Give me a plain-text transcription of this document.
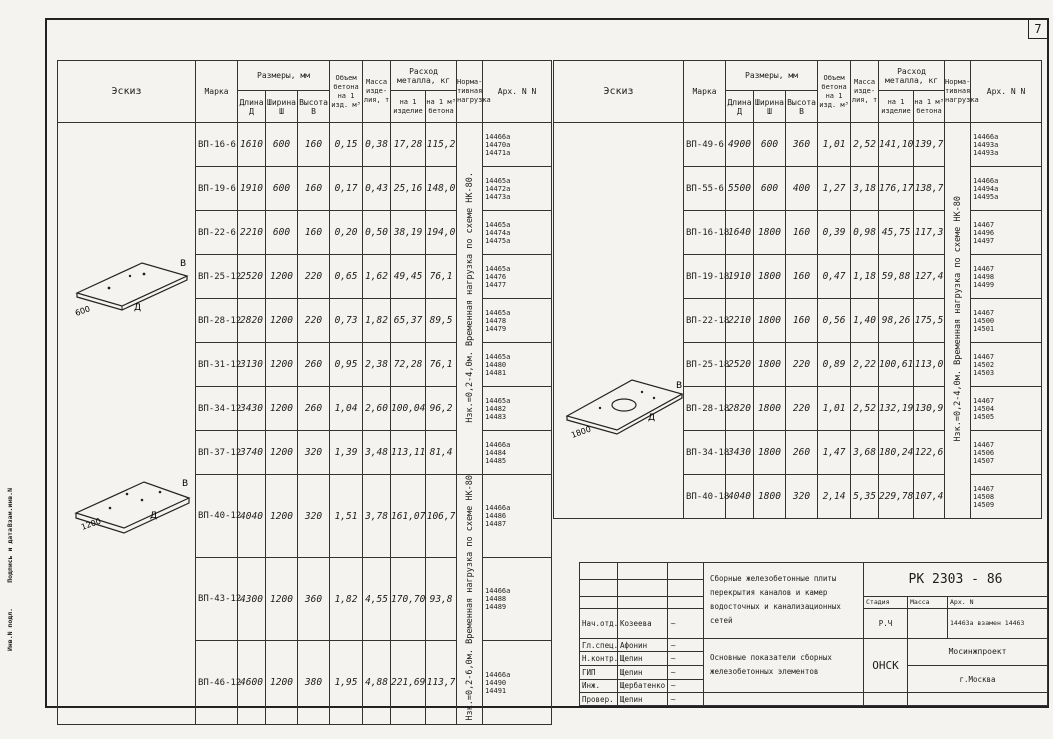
7
Эскиз	Марка	Размеры, мм			Объем бетона на 1 изд. м³	Масса изде-лия, т	Расход металла, кг		Норма-тивная нагрузка	Арх. N N
		Длина Д	Ширина Ш	Высота В			на 1 изделие	на 1 м³ бетона		
	ВП-16-6	1610	600	160	0,15	0,38	17,28	115,2	Нзк.=0,2-4,0м. Временная нагрузка по схеме НК-80.	14466а
14470а
14471а
	ВП-19-6	1910	600	160	0,17	0,43	25,16	148,0		14465а
14472а
14473а
	ВП-22-6	2210	600	160	0,20	0,50	38,19	194,0		14465а
14474а
14475а
	ВП-25-12	2520	1200	220	0,65	1,62	49,45	76,1		14465а
14476
14477
	ВП-28-12	2820	1200	220	0,73	1,82	65,37	89,5		14465а
14478
14479
	ВП-31-12	3130	1200	260	0,95	2,38	72,28	76,1		14465а
14480
14481
	ВП-34-12	3430	1200	260	1,04	2,60	100,04	96,2		14465а
14482
14483
	ВП-37-12	3740	1200	320	1,39	3,48	113,11	81,4		14466а
14484
14485
	ВП-40-12	4040	1200	320	1,51	3,78	161,07	106,7	Нзк.=0,2-6,0м. Временная нагрузка по схеме НК-80	14466а
14486
14487
	ВП-43-12	4300	1200	360	1,82	4,55	170,70	93,8		14466а
14488
14489
	ВП-46-12	4600	1200	380	1,95	4,88	221,69	113,7		14466а
14490
14491
Эскиз	Марка	Размеры, мм			Объем бетона на 1 изд. м³	Масса изде-лия, т	Расход металла, кг		Норма-тивная нагрузка	Арх. N N
		Длина Д	Ширина Ш	Высота В			на 1 изделие	на 1 м³ бетона		
	ВП-49-6	4900	600	360	1,01	2,52	141,10	139,7	Нзк.=0,2-4,0м. Временная нагрузка по схеме НК-80	14466а
14493а
14493а
	ВП-55-6	5500	600	400	1,27	3,18	176,17	138,7		14466а
14494а
14495а
	ВП-16-18	1640	1800	160	0,39	0,98	45,75	117,3		14467
14496
14497
	ВП-19-18	1910	1800	160	0,47	1,18	59,88	127,4		14467
14498
14499
	ВП-22-18	2210	1800	160	0,56	1,40	98,26	175,5		14467
14500
14501
	ВП-25-18	2520	1800	220	0,89	2,22	100,61	113,0		14467
14502
14503
	ВП-28-18	2820	1800	220	1,01	2,52	132,19	130,9		14467
14504
14505
	ВП-34-18	3430	1800	260	1,47	3,68	180,24	122,6		14467
14506
14507
	ВП-40-18	4040	1800	320	2,14	5,35	229,78	107,4		14467
14508
14509
В
Д
600
В
Д
1200
В
Д
1800
			Сборные железобетонные плиты перекрытия каналов и камер водосточных и канализационных сетей	РК 2303 - 86		

				Стадия	Масса	Арх. N
Нач.отд.	Козеева	~		Р.Ч		14463а взамен 14463
Гл.спец.	Афонин	~	Основные показатели сборных железобетонных элементов	ОНСК	Мосинжпроект	
Н.контр.	Щепин	~				
ГИП	Щепин	~			г.Москва	
Инж.	Щербатенко	~				
Провер.	Щепин	~				
Инв.N подл.
Подпись и дата
Взам.инв.N
